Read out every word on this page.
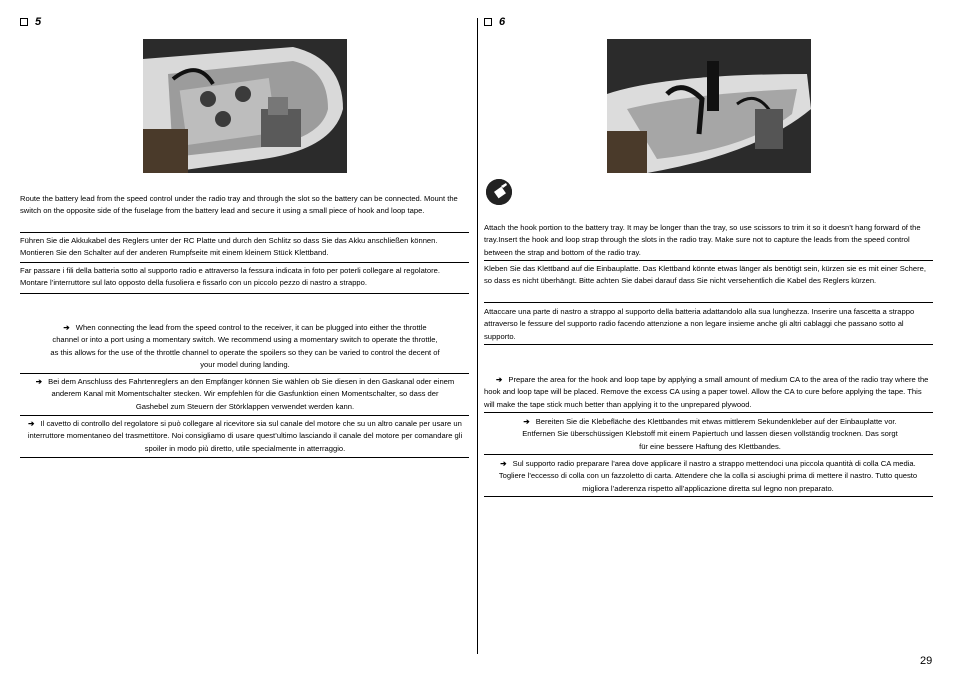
5
Route the battery lead from the speed control under the radio tray and through the slot so the battery can be connected. Mount the switch on the opposite side of the fuselage from the battery lead and secure it using a small piece of hook and loop tape.
Führen Sie die Akkukabel des Reglers unter der RC Platte und durch den Schlitz so dass Sie das Akku anschließen können. Montieren Sie den Schalter auf der anderen Rumpfseite mit einem kleinem Stück Klettband.
Far passare i fili della batteria sotto al supporto radio e attraverso la fessura indicata in foto per poterli collegare al regolatore. Montare l’interruttore sul lato opposto della fusoliera e fissarlo con un piccolo pezzo di nastro a strappo.
➔ When connecting the lead from the speed control to the receiver, it can be plugged into either the throttle channel or into a port using a momentary switch. We recommend using a momentary switch to operate the throttle, as this allows for the use of the throttle channel to operate the spoilers so they can be varied to control the decent of your model during landing.
➔ Bei dem Anschluss des Fahrtenreglers an den Empfänger können Sie wählen ob Sie diesen in den Gaskanal oder einem anderem Kanal mit Momentschalter stecken. Wir empfehlen für die Gasfunktion einen Momentschalter, so dass der Gashebel zum Steuern der Störklappen verwendet werden kann.
➔ Il cavetto di controllo del regolatore si può collegare al ricevitore sia sul canale del motore che su un altro canale per usare un interruttore momentaneo del trasmettitore. Noi consigliamo di usare quest’ultimo lasciando il canale del motore per comandare gli spoiler in modo più diretto, utile specialmente in atterraggio.
6
Attach the hook portion to the battery tray. It may be longer than the tray, so use scissors to trim it so it doesn’t hang forward of the tray.Insert the hook and loop strap through the slots in the radio tray. Make sure not to capture the leads from the speed control between the strap and bottom of the radio tray.
Kleben Sie das Klettband auf die Einbauplatte. Das Klettband könnte etwas länger als benötigt sein, kürzen sie es mit einer Schere, so dass es nicht überhängt. Bitte achten Sie dabei darauf dass Sie nicht versehentlich die Kabel des Reglers kürzen.
Attaccare una parte di nastro a strappo al supporto della batteria adattandolo alla sua lunghezza. Inserire una fascetta a strappo attraverso le fessure del supporto radio facendo attenzione a non legare insieme anche gli altri cablaggi che passano sotto al supporto.
➔ Prepare the area for the hook and loop tape by applying a small amount of medium CA to the area of the radio tray where the hook and loop tape will be placed. Remove the excess CA using a paper towel. Allow the CA to cure before applying the tape. This will make the tape stick much better than applying it to the unprepared plywood.
➔ Bereiten Sie die Klebefläche des Klettbandes mit etwas mittlerem Sekundenkleber auf der Einbauplatte vor. Entfernen Sie überschüssigen Klebstoff mit einem Papiertuch und lassen diesen vollständig trocknen. Das sorgt für eine bessere Haftung des Klettbandes.
➔ Sul supporto radio preparare l’area dove applicare il nastro a strappo mettendoci una piccola quantità di colla CA media. Togliere l’eccesso di colla con un fazzoletto di carta. Attendere che la colla si asciughi prima di mettere il nastro. Tutto questo migliora l’aderenza rispetto all’applicazione diretta sul legno non preparato.
29
